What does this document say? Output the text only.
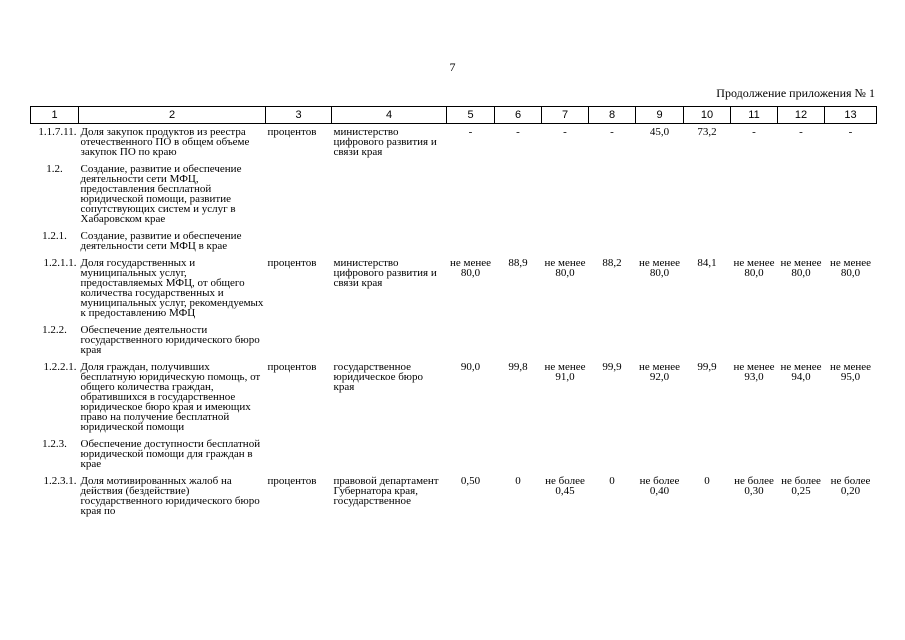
7
Продолжение приложения № 1
1	2	3	4	5	6	7	8	9	10	11	12	13
1.1.7.11.	Доля закупок продуктов из реестра отечественного ПО в общем объеме закупок ПО по краю	процентов	министерство цифрового развития и связи края	-	-	-	-	45,0	73,2	-	-	-
1.2.	Создание, развитие и обеспечение деятельности сети МФЦ, предоставления бесплатной юридической помощи, развитие сопутствующих систем и услуг в Хабаровском крае											
1.2.1.	Создание, развитие и обеспечение деятельности сети МФЦ в крае											
1.2.1.1.	Доля государственных и муниципальных услуг, предоставляемых МФЦ, от общего количества государственных и муниципальных услуг, рекомендуемых к предоставлению МФЦ	процентов	министерство цифрового развития и связи края	не менее 80,0	88,9	не менее 80,0	88,2	не менее 80,0	84,1	не менее 80,0	не менее 80,0	не менее 80,0
1.2.2.	Обеспечение деятельности государственного юридического бюро края											
1.2.2.1.	Доля граждан, получивших бесплатную юридическую помощь, от общего количества граждан, обратившихся в государственное юридическое бюро края и имеющих право на получение бесплатной юридической помощи	процентов	государственное юридическое бюро края	90,0	99,8	не менее 91,0	99,9	не менее 92,0	99,9	не менее 93,0	не менее 94,0	не менее 95,0
1.2.3.	Обеспечение доступности бесплатной юридической помощи для граждан в крае											
1.2.3.1.	Доля мотивированных жалоб на действия (бездействие) государственного юридического бюро края по	процентов	правовой департамент Губернатора края, государственное	0,50	0	не более 0,45	0	не более 0,40	0	не более 0,30	не более 0,25	не более 0,20
